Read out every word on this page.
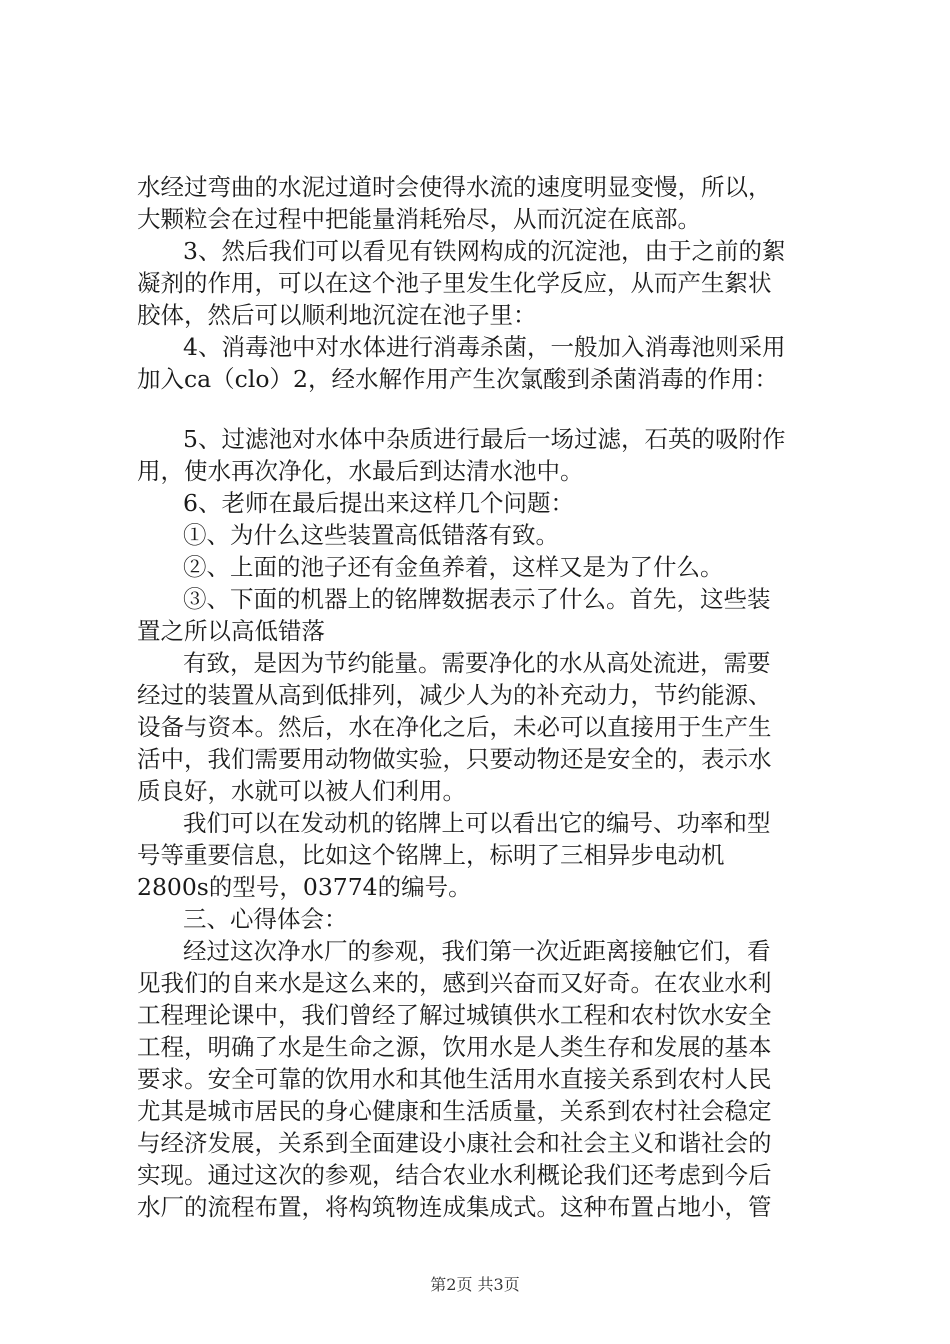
水经过弯曲的水泥过道时会使得水流的速度明显变慢，所以，
大颗粒会在过程中把能量消耗殆尽，从而沉淀在底部。
3、然后我们可以看见有铁网构成的沉淀池，由于之前的絮
凝剂的作用，可以在这个池子里发生化学反应，从而产生絮状
胶体，然后可以顺利地沉淀在池子里：
4、消毒池中对水体进行消毒杀菌，一般加入消毒池则采用
加入ca（clo）2，经水解作用产生次氯酸到杀菌消毒的作用：
5、过滤池对水体中杂质进行最后一场过滤，石英的吸附作
用，使水再次净化，水最后到达清水池中。
6、老师在最后提出来这样几个问题：
①、为什么这些装置高低错落有致。
②、上面的池子还有金鱼养着，这样又是为了什么。
③、下面的机器上的铭牌数据表示了什么。首先，这些装
置之所以高低错落
有致，是因为节约能量。需要净化的水从高处流进，需要
经过的装置从高到低排列，减少人为的补充动力，节约能源、
设备与资本。然后，水在净化之后，未必可以直接用于生产生
活中，我们需要用动物做实验，只要动物还是安全的，表示水
质良好，水就可以被人们利用。
我们可以在发动机的铭牌上可以看出它的编号、功率和型
号等重要信息，比如这个铭牌上，标明了三相异步电动机
2800s的型号，03774的编号。
三、心得体会：
经过这次净水厂的参观，我们第一次近距离接触它们，看
见我们的自来水是这么来的，感到兴奋而又好奇。在农业水利
工程理论课中，我们曾经了解过城镇供水工程和农村饮水安全
工程，明确了水是生命之源，饮用水是人类生存和发展的基本
要求。安全可靠的饮用水和其他生活用水直接关系到农村人民
尤其是城市居民的身心健康和生活质量，关系到农村社会稳定
与经济发展，关系到全面建设小康社会和社会主义和谐社会的
实现。通过这次的参观，结合农业水利概论我们还考虑到今后
水厂的流程布置，将构筑物连成集成式。这种布置占地小，管
第2页 共3页
